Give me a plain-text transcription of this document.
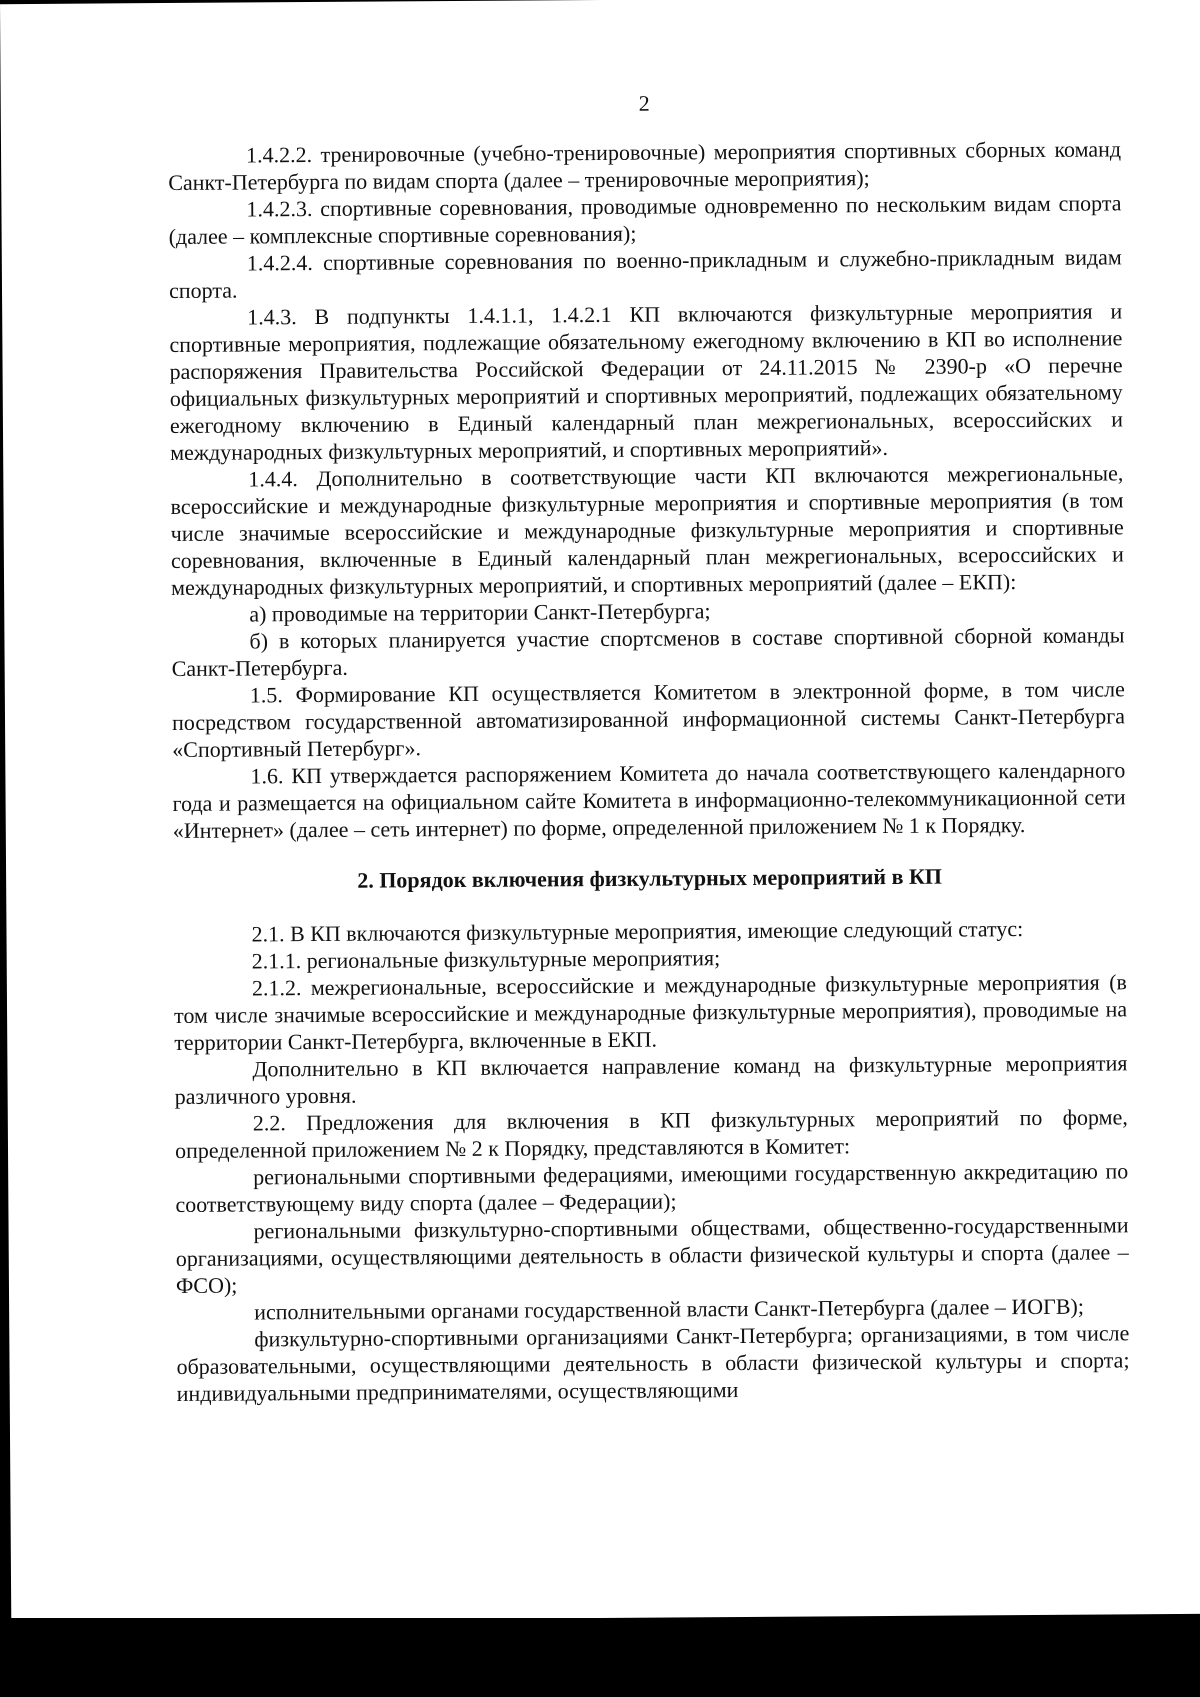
2

1.4.2.2. тренировочные (учебно-тренировочные) мероприятия спортивных сборных команд Санкт-Петербурга по видам спорта (далее – тренировочные мероприятия);

1.4.2.3. спортивные соревнования, проводимые одновременно по нескольким видам спорта (далее – комплексные спортивные соревнования);

1.4.2.4. спортивные соревнования по военно-прикладным и служебно-прикладным видам спорта.

1.4.3. В подпункты 1.4.1.1, 1.4.2.1 КП включаются физкультурные мероприятия и спортивные мероприятия, подлежащие обязательному ежегодному включению в КП во исполнение распоряжения Правительства Российской Федерации от 24.11.2015 № 2390-р «О перечне официальных физкультурных мероприятий и спортивных мероприятий, подлежащих обязательному ежегодному включению в Единый календарный план межрегиональных, всероссийских и международных физкультурных мероприятий, и спортивных мероприятий».

1.4.4. Дополнительно в соответствующие части КП включаются межрегиональные, всероссийские и международные физкультурные мероприятия и спортивные мероприятия (в том числе значимые всероссийские и международные физкультурные мероприятия и спортивные соревнования, включенные в Единый календарный план межрегиональных, всероссийских и международных физкультурных мероприятий, и спортивных мероприятий (далее – ЕКП):

а) проводимые на территории Санкт-Петербурга;

б) в которых планируется участие спортсменов в составе спортивной сборной команды Санкт-Петербурга.

1.5. Формирование КП осуществляется Комитетом в электронной форме, в том числе посредством государственной автоматизированной информационной системы Санкт-Петербурга «Спортивный Петербург».

1.6. КП утверждается распоряжением Комитета до начала соответствующего календарного года и размещается на официальном сайте Комитета в информационно-телекоммуникационной сети «Интернет» (далее – сеть интернет) по форме, определенной приложением № 1 к Порядку.

2. Порядок включения физкультурных мероприятий в КП

2.1. В КП включаются физкультурные мероприятия, имеющие следующий статус:

2.1.1. региональные физкультурные мероприятия;

2.1.2. межрегиональные, всероссийские и международные физкультурные мероприятия (в том числе значимые всероссийские и международные физкультурные мероприятия), проводимые на территории Санкт-Петербурга, включенные в ЕКП.

Дополнительно в КП включается направление команд на физкультурные мероприятия различного уровня.

2.2. Предложения для включения в КП физкультурных мероприятий по форме, определенной приложением № 2 к Порядку, представляются в Комитет:

региональными спортивными федерациями, имеющими государственную аккредитацию по соответствующему виду спорта (далее – Федерации);

региональными физкультурно-спортивными обществами, общественно-государственными организациями, осуществляющими деятельность в области физической культуры и спорта (далее – ФСО);

исполнительными органами государственной власти Санкт-Петербурга (далее – ИОГВ);

физкультурно-спортивными организациями Санкт-Петербурга; организациями, в том числе образовательными, осуществляющими деятельность в области физической культуры и спорта; индивидуальными предпринимателями, осуществляющими
